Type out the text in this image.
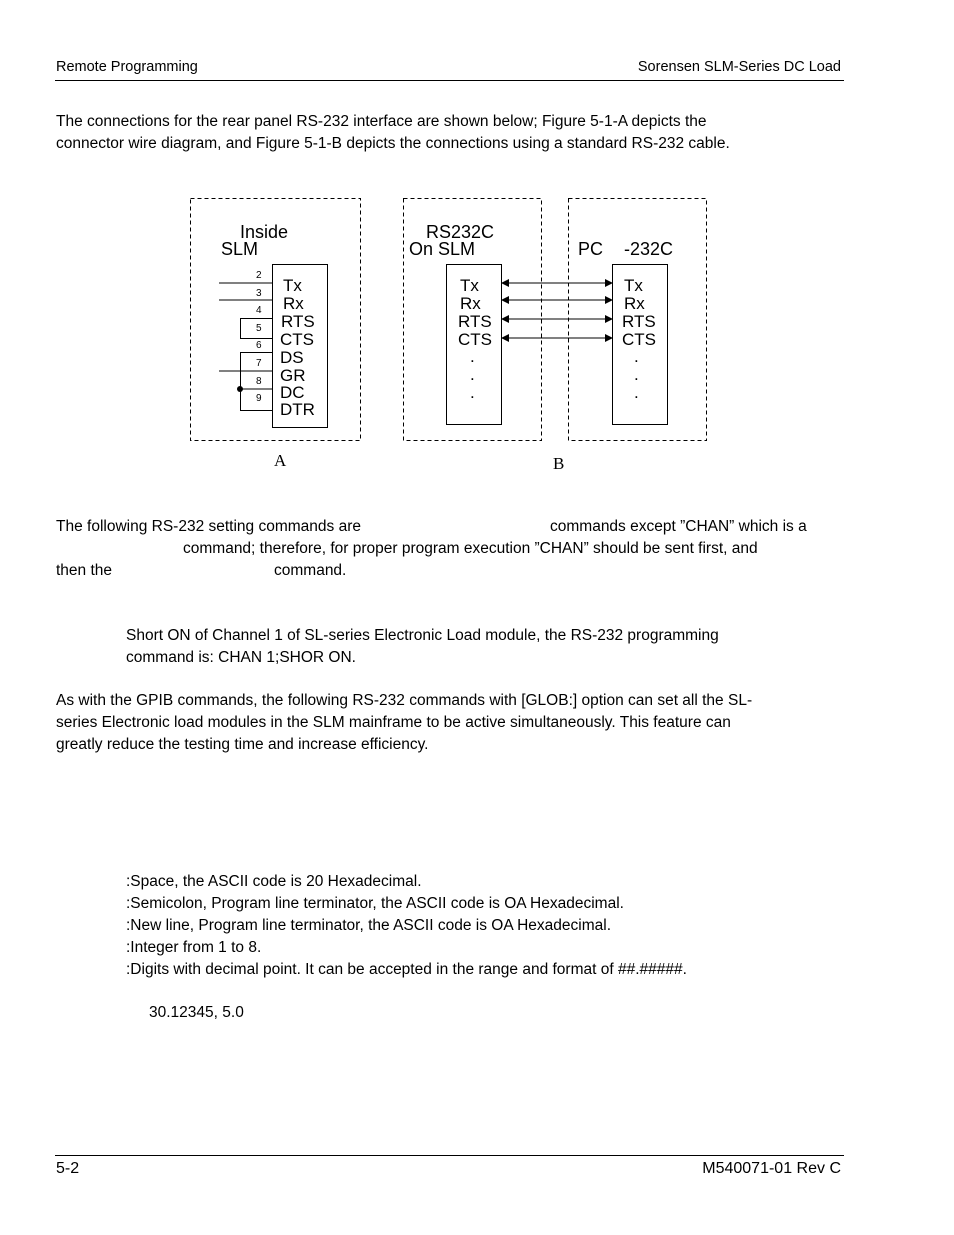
Remote Programming	Sorensen SLM-Series DC Load
The connections for the rear panel RS-232 interface are shown below; Figure 5-1-A depicts the
connector wire diagram, and Figure 5-1-B depicts the connections using a standard RS-232 cable.
Inside
SLM
2
3
4
5
6
7
8
9
Tx
Rx
RTS
CTS
DS
GR
DC
DTR
A
RS232C
On SLM
Tx
Rx
RTS
CTS
.
.
.
PC -232C
Tx
Rx
RTS
CTS
.
.
.
B
The following RS-232 setting commands are	commands except ”CHAN” which is a
command; therefore, for proper program execution ”CHAN” should be sent first, and
then the	command.
Short ON of Channel 1 of SL-series Electronic Load module, the RS-232 programming
command is: CHAN 1;SHOR ON.
As with the GPIB commands, the following RS-232 commands with [GLOB:] option can set all the SL-
series Electronic load modules in the SLM mainframe to be active simultaneously. This feature can
greatly reduce the testing time and increase efficiency.
:Space, the ASCII code is 20 Hexadecimal.
:Semicolon, Program line terminator, the ASCII code is OA Hexadecimal.
:New line, Program line terminator, the ASCII code is OA Hexadecimal.
:Integer from 1 to 8.
:Digits with decimal point. It can be accepted in the range and format of ##.#####.
30.12345, 5.0
5-2	M540071-01 Rev C
